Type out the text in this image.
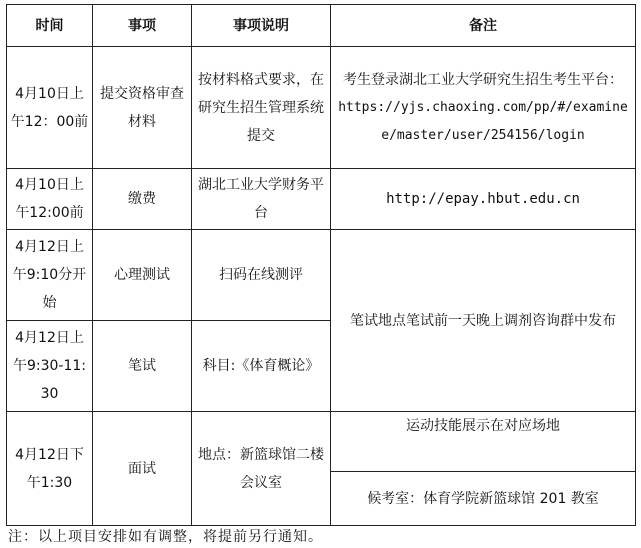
时间	事项	事项说明	备注
4月10日上午12：00前	提交资格审查材料	按材料格式要求，在研究生招生管理系统提交	考生登录湖北工业大学研究生招生考生平台：
https://yjs.chaoxing.com/pp/#/examinee/master/user/254156/login

4月10日上午12:00前	缴费	湖北工业大学财务平台	http://epay.hbut.edu.cn
4月12日上午9:10分开始	心理测试	扫码在线测评	笔试地点笔试前一天晚上调剂咨询群中发布
4月12日上午9:30-11:30	笔试	科目:《体育概论》	
4月12日下午1:30	面试	地点：新篮球馆二楼会议室	运动技能展示在对应场地
			候考室：体育学院新篮球馆 201 教室
注：以上项目安排如有调整，将提前另行通知。
